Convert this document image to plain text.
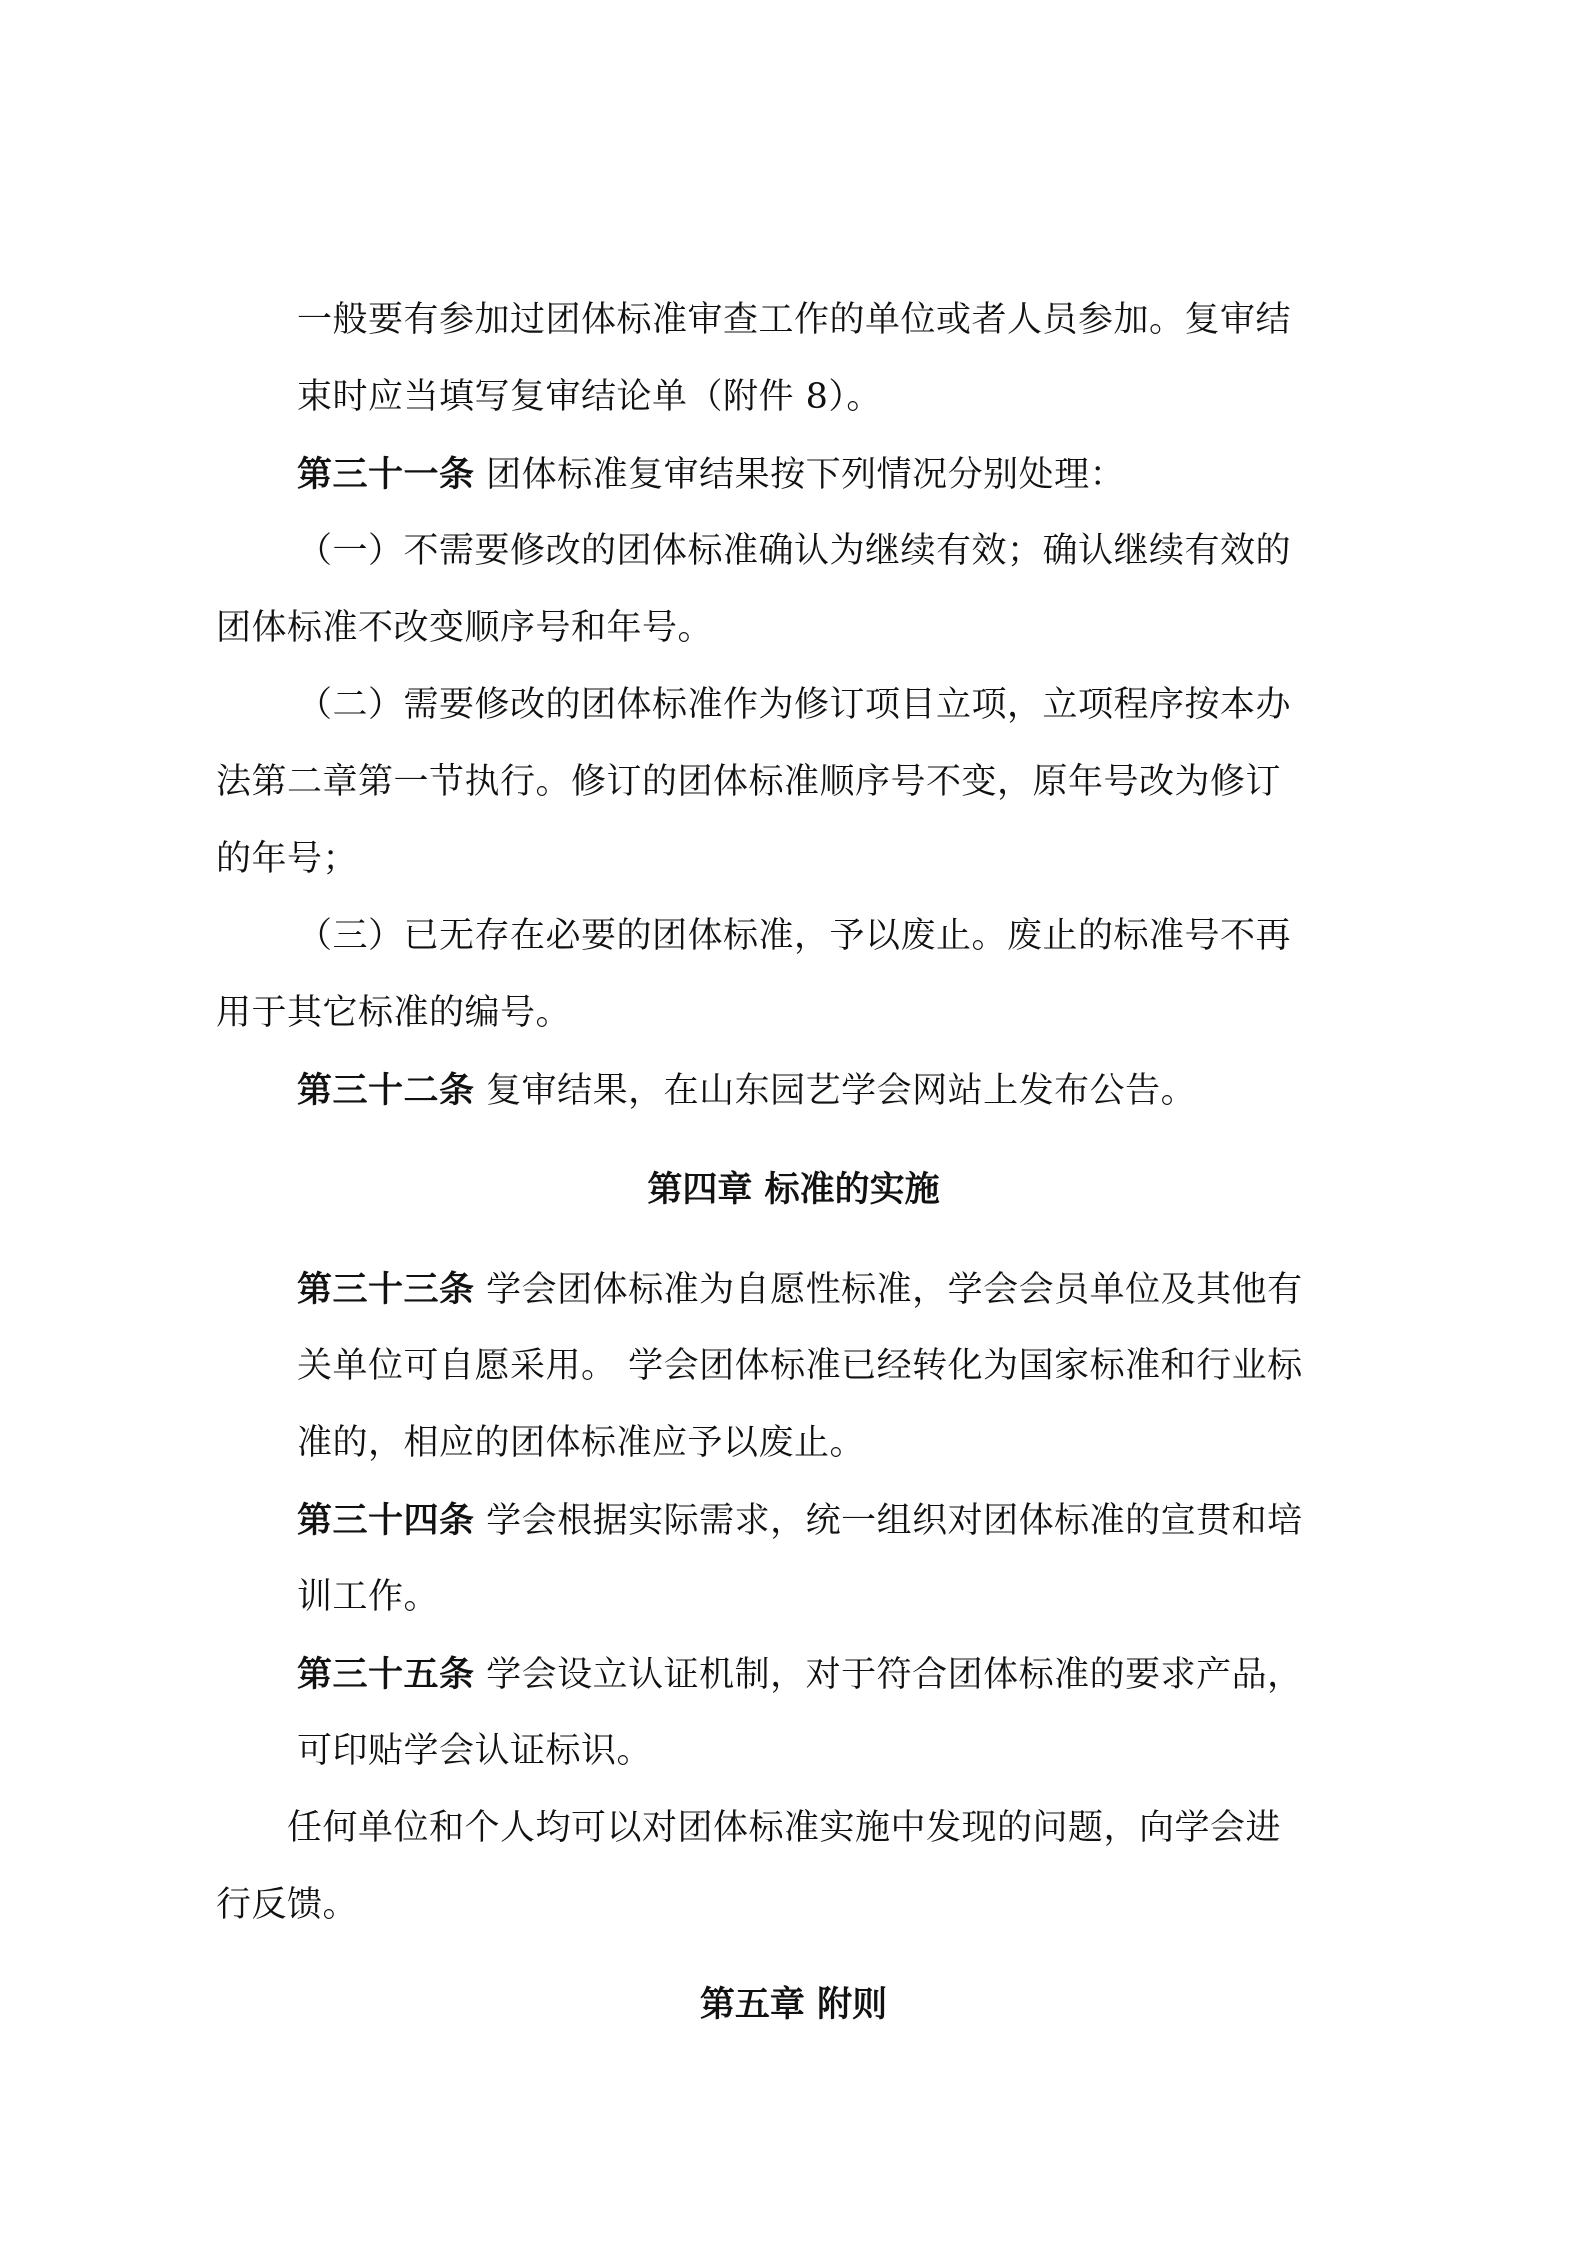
一般要有参加过团体标准审查工作的单位或者人员参加。复审结
束时应当填写复审结论单（附件 8）。
第三十一条 团体标准复审结果按下列情况分别处理：
（一）不需要修改的团体标准确认为继续有效；确认继续有效的
团体标准不改变顺序号和年号。
（二）需要修改的团体标准作为修订项目立项，立项程序按本办
法第二章第一节执行。修订的团体标准顺序号不变，原年号改为修订
的年号；
（三）已无存在必要的团体标准，予以废止。废止的标准号不再
用于其它标准的编号。
第三十二条 复审结果，在山东园艺学会网站上发布公告。
第四章 标准的实施
第三十三条 学会团体标准为自愿性标准，学会会员单位及其他有
关单位可自愿采用。 学会团体标准已经转化为国家标准和行业标
准的，相应的团体标准应予以废止。
第三十四条 学会根据实际需求，统一组织对团体标准的宣贯和培
训工作。
第三十五条 学会设立认证机制，对于符合团体标准的要求产品，
可印贴学会认证标识。
任何单位和个人均可以对团体标准实施中发现的问题，向学会进
行反馈。
第五章 附则
